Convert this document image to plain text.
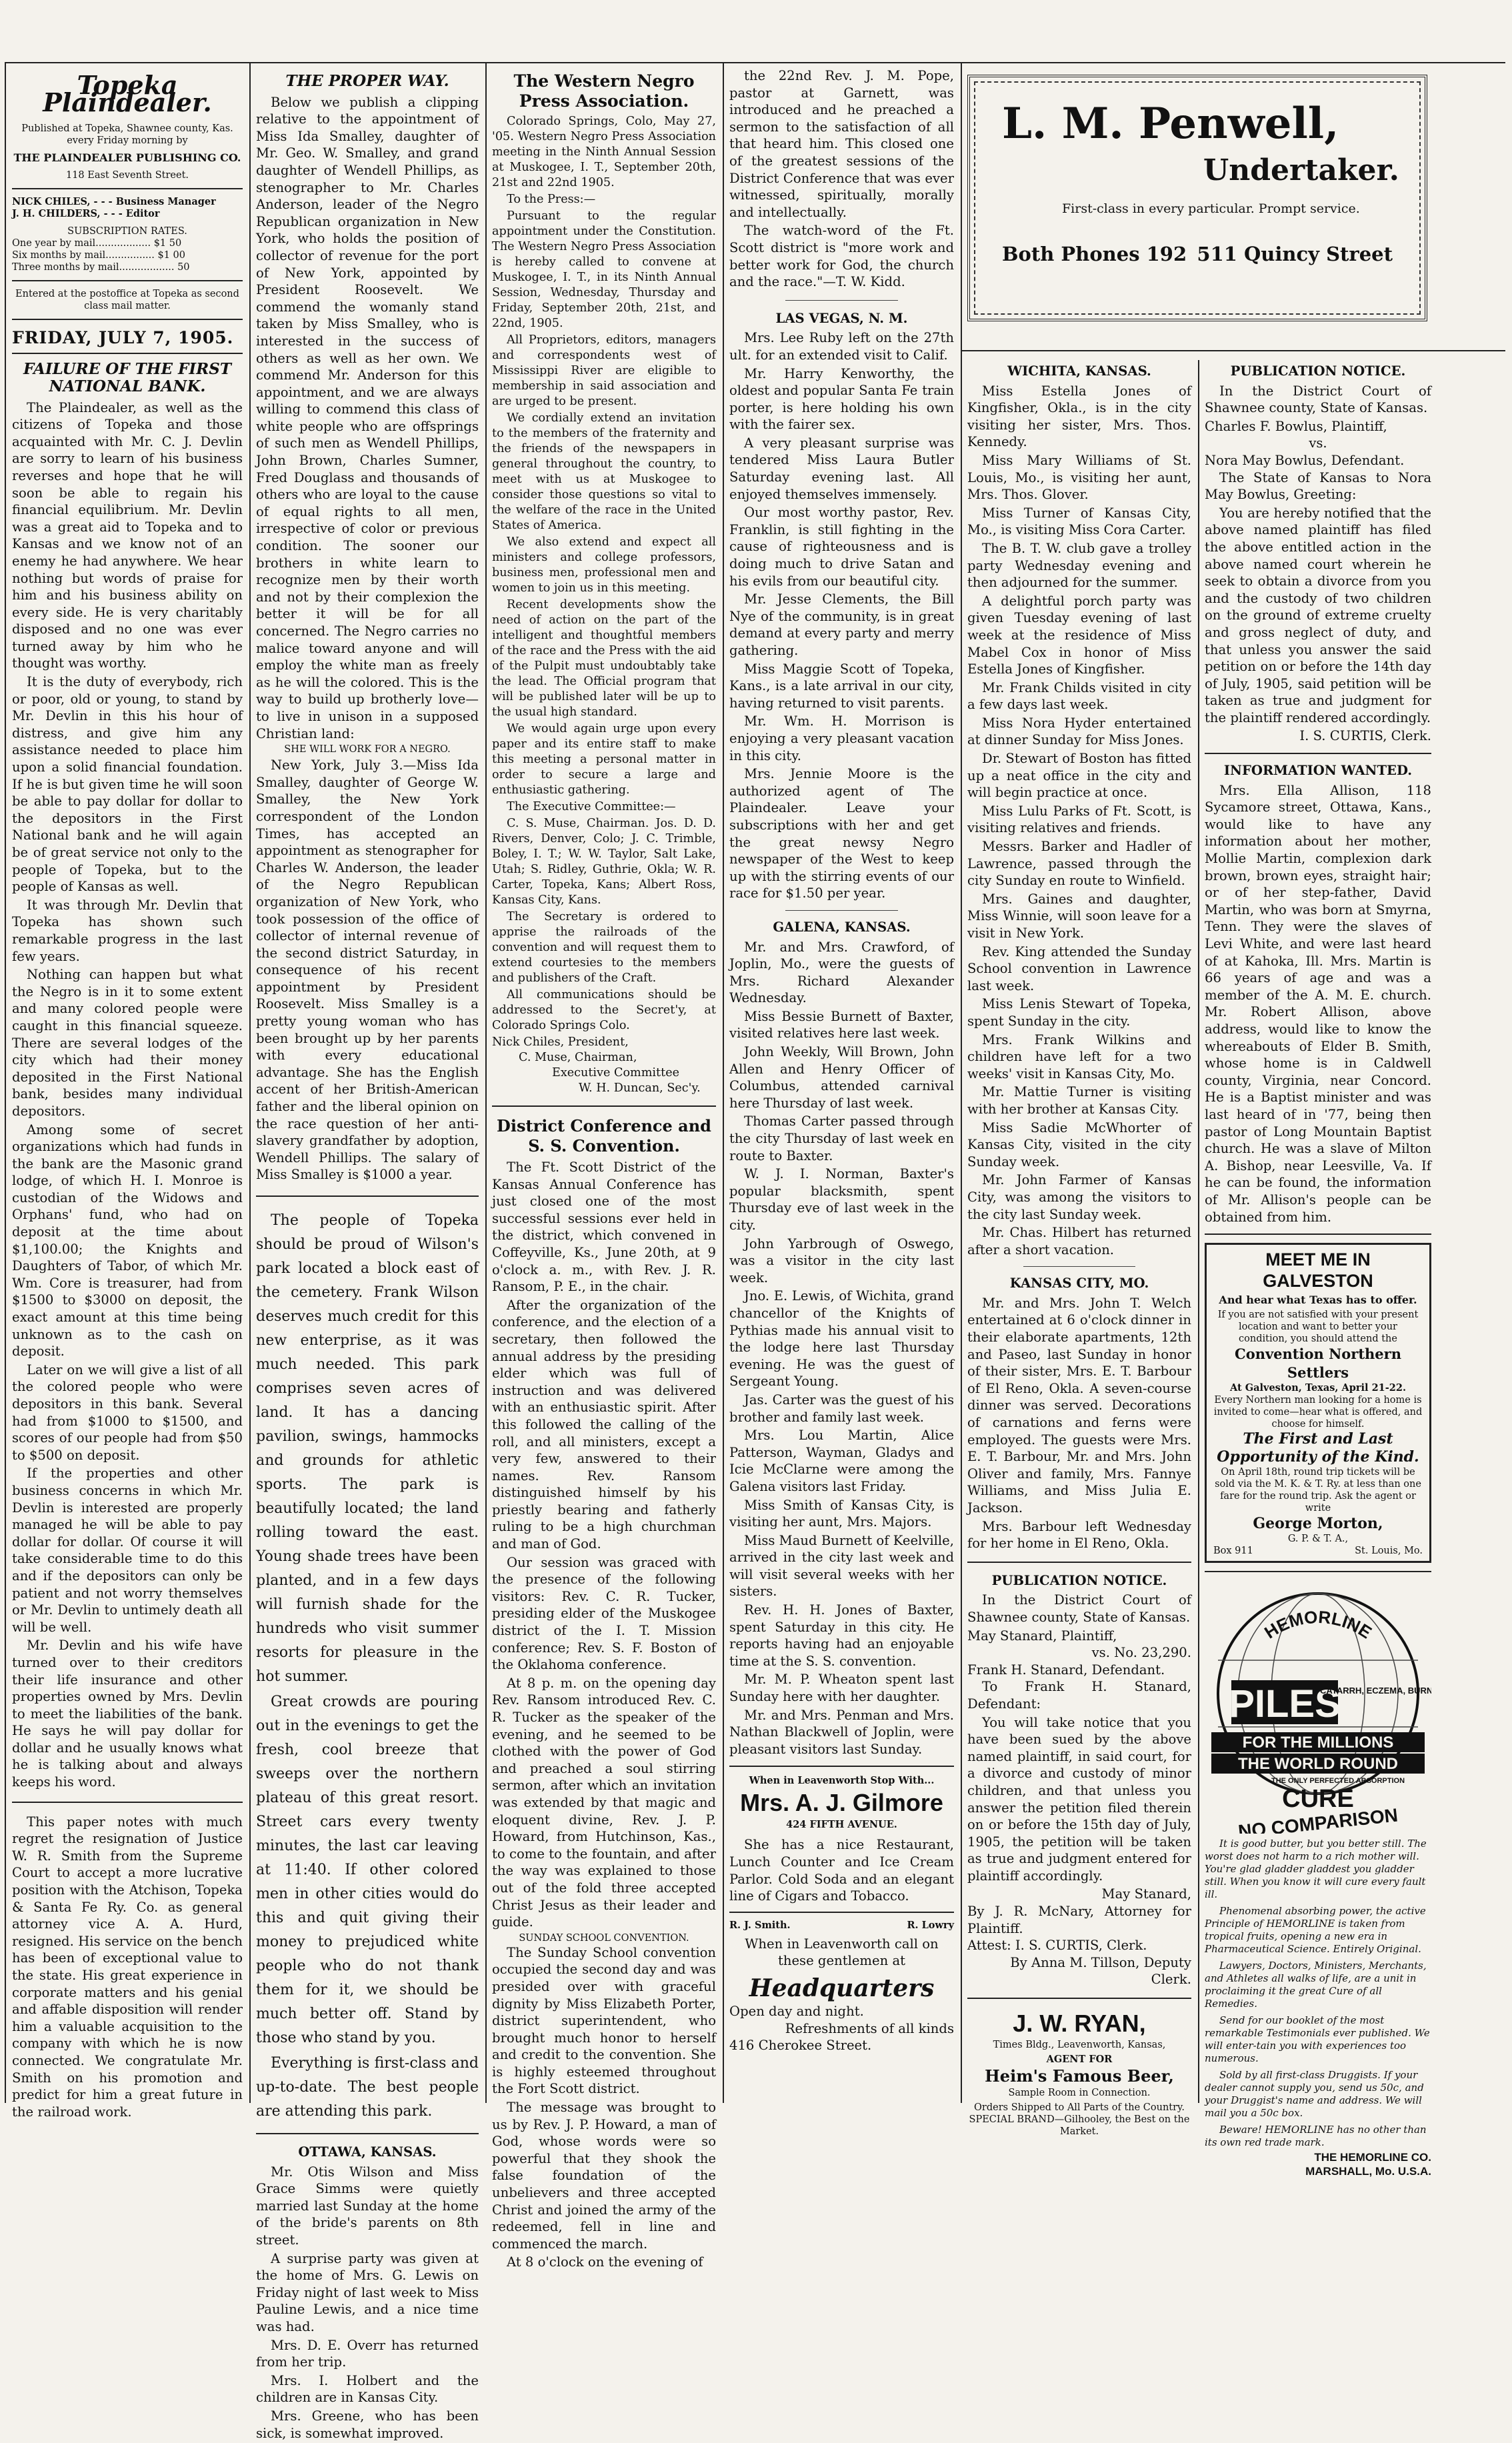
Topeka Plaindealer.
Published at Topeka, Shawnee county, Kas. every Friday morning by
THE PLAINDEALER PUBLISHING CO.
118 East Seventh Street.
NICK CHILES, - - - Business Manager
J. H. CHILDERS, - - - Editor
SUBSCRIPTION RATES.
One year by mail.................. $1 50
Six months by mail................ $1 00
Three months by mail.................. 50
Entered at the postoffice at Topeka as second class mail matter.
FRIDAY, JULY 7, 1905.
FAILURE OF THE FIRST NATIONAL BANK.

The Plaindealer, as well as the citizens of Topeka and those acquainted with Mr. C. J. Devlin are sorry to learn of his business reverses and hope that he will soon be able to regain his financial equilibrium. Mr. Devlin was a great aid to Topeka and to Kansas and we know not of an enemy he had anywhere. We hear nothing but words of praise for him and his business ability on every side. He is very charitably disposed and no one was ever turned away by him who he thought was worthy.

It is the duty of everybody, rich or poor, old or young, to stand by Mr. Devlin in this his hour of distress, and give him any assistance needed to place him upon a solid financial foundation. If he is but given time he will soon be able to pay dollar for dollar to the depositors in the First National bank and he will again be of great service not only to the people of Topeka, but to the people of Kansas as well.

It was through Mr. Devlin that Topeka has shown such remarkable progress in the last few years.

Nothing can happen but what the Negro is in it to some extent and many colored people were caught in this financial squeeze. There are several lodges of the city which had their money deposited in the First National bank, besides many individual depositors.

Among some of secret organizations which had funds in the bank are the Masonic grand lodge, of which H. I. Monroe is custodian of the Widows and Orphans' fund, who had on deposit at the time about $1,100.00; the Knights and Daughters of Tabor, of which Mr. Wm. Core is treasurer, had from $1500 to $3000 on deposit, the exact amount at this time being unknown as to the cash on deposit.

Later on we will give a list of all the colored people who were depositors in this bank. Several had from $1000 to $1500, and scores of our people had from $50 to $500 on deposit.

If the properties and other business concerns in which Mr. Devlin is interested are properly managed he will be able to pay dollar for dollar. Of course it will take considerable time to do this and if the depositors can only be patient and not worry themselves or Mr. Devlin to untimely death all will be well.

Mr. Devlin and his wife have turned over to their creditors their life insurance and other properties owned by Mrs. Devlin to meet the liabilities of the bank. He says he will pay dollar for dollar and he usually knows what he is talking about and always keeps his word.

This paper notes with much regret the resignation of Justice W. R. Smith from the Supreme Court to accept a more lucrative position with the Atchison, Topeka & Santa Fe Ry. Co. as general attorney vice A. A. Hurd, resigned. His service on the bench has been of exceptional value to the state. His great experience in corporate matters and his genial and affable disposition will render him a valuable acquisition to the company with which he is now connected. We congratulate Mr. Smith on his promotion and predict for him a great future in the railroad work.

THE PROPER WAY.

Below we publish a clipping relative to the appointment of Miss Ida Smalley, daughter of Mr. Geo. W. Smalley, and grand daughter of Wendell Phillips, as stenographer to Mr. Charles Anderson, leader of the Negro Republican organization in New York, who holds the position of collector of revenue for the port of New York, appointed by President Roosevelt. We commend the womanly stand taken by Miss Smalley, who is interested in the success of others as well as her own. We commend Mr. Anderson for this appointment, and we are always willing to commend this class of white people who are offsprings of such men as Wendell Phillips, John Brown, Charles Sumner, Fred Douglass and thousands of others who are loyal to the cause of equal rights to all men, irrespective of color or previous condition. The sooner our brothers in white learn to recognize men by their worth and not by their complexion the better it will be for all concerned. The Negro carries no malice toward anyone and will employ the white man as freely as he will the colored. This is the way to build up brotherly love—to live in unison in a supposed Christian land:

SHE WILL WORK FOR A NEGRO.

New York, July 3.—Miss Ida Smalley, daughter of George W. Smalley, the New York correspondent of the London Times, has accepted an appointment as stenographer for Charles W. Anderson, the leader of the Negro Republican organization of New York, who took possession of the office of collector of internal revenue of the second district Saturday, in consequence of his recent appointment by President Roosevelt. Miss Smalley is a pretty young woman who has been brought up by her parents with every educational advantage. She has the English accent of her British-American father and the liberal opinion on the race question of her anti-slavery grandfather by adoption, Wendell Phillips. The salary of Miss Smalley is $1000 a year.

The people of Topeka should be proud of Wilson's park located a block east of the cemetery. Frank Wilson deserves much credit for this new enterprise, as it was much needed. This park comprises seven acres of land. It has a dancing pavilion, swings, hammocks and grounds for athletic sports. The park is beautifully located; the land rolling toward the east. Young shade trees have been planted, and in a few days will furnish shade for the hundreds who visit summer resorts for pleasure in the hot summer.

Great crowds are pouring out in the evenings to get the fresh, cool breeze that sweeps over the northern plateau of this great resort. Street cars every twenty minutes, the last car leaving at 11:40. If other colored men in other cities would do this and quit giving their money to prejudiced white people who do not thank them for it, we should be much better off. Stand by those who stand by you.

Everything is first-class and up-to-date. The best people are attending this park.

OTTAWA, KANSAS.

Mr. Otis Wilson and Miss Grace Simms were quietly married last Sunday at the home of the bride's parents on 8th street.

A surprise party was given at the home of Mrs. G. Lewis on Friday night of last week to Miss Pauline Lewis, and a nice time was had.

Mrs. D. E. Overr has returned from her trip.

Mrs. I. Holbert and the children are in Kansas City.

Mrs. Greene, who has been sick, is somewhat improved.

The Western Negro Press Association.

Colorado Springs, Colo, May 27, '05. Western Negro Press Association meeting in the Ninth Annual Session at Muskogee, I. T., September 20th, 21st and 22nd 1905.

To the Press:—

Pursuant to the regular appointment under the Constitution. The Western Negro Press Association is hereby called to convene at Muskogee, I. T., in its Ninth Annual Session, Wednesday, Thursday and Friday, September 20th, 21st, and 22nd, 1905.

All Proprietors, editors, managers and correspondents west of Mississippi River are eligible to membership in said association and are urged to be present.

We cordially extend an invitation to the members of the fraternity and the friends of the newspapers in general throughout the country, to meet with us at Muskogee to consider those questions so vital to the welfare of the race in the United States of America.

We also extend and expect all ministers and college professors, business men, professional men and women to join us in this meeting.

Recent developments show the need of action on the part of the intelligent and thoughtful members of the race and the Press with the aid of the Pulpit must undoubtably take the lead. The Official program that will be published later will be up to the usual high standard.

We would again urge upon every paper and its entire staff to make this meeting a personal matter in order to secure a large and enthusiastic gathering.

The Executive Committee:—

C. S. Muse, Chairman. Jos. D. D. Rivers, Denver, Colo; J. C. Trimble, Boley, I. T.; W. W. Taylor, Salt Lake, Utah; S. Ridley, Guthrie, Okla; W. R. Carter, Topeka, Kans; Albert Ross, Kansas City, Kans.

The Secretary is ordered to apprise the railroads of the convention and will request them to extend courtesies to the members and publishers of the Craft.

All communications should be addressed to the Secret'y, at Colorado Springs Colo.

Nick Chiles, President,
C. Muse, Chairman,
Executive Committee
W. H. Duncan, Sec'y.
District Conference and S. S. Convention.

The Ft. Scott District of the Kansas Annual Conference has just closed one of the most successful sessions ever held in the district, which convened in Coffeyville, Ks., June 20th, at 9 o'clock a. m., with Rev. J. R. Ransom, P. E., in the chair.

After the organization of the conference, and the election of a secretary, then followed the annual address by the presiding elder which was full of instruction and was delivered with an enthusiastic spirit. After this followed the calling of the roll, and all ministers, except a very few, answered to their names. Rev. Ransom distinguished himself by his priestly bearing and fatherly ruling to be a high churchman and man of God.

Our session was graced with the presence of the following visitors: Rev. C. R. Tucker, presiding elder of the Muskogee district of the I. T. Mission conference; Rev. S. F. Boston of the Oklahoma conference.

At 8 p. m. on the opening day Rev. Ransom introduced Rev. C. R. Tucker as the speaker of the evening, and he seemed to be clothed with the power of God and preached a soul stirring sermon, after which an invitation was extended by that magic and eloquent divine, Rev. J. P. Howard, from Hutchinson, Kas., to come to the fountain, and after the way was explained to those out of the fold three accepted Christ Jesus as their leader and guide.

SUNDAY SCHOOL CONVENTION.

The Sunday School convention occupied the second day and was presided over with graceful dignity by Miss Elizabeth Porter, district superintendent, who brought much honor to herself and credit to the convention. She is highly esteemed throughout the Fort Scott district.

The message was brought to us by Rev. J. P. Howard, a man of God, whose words were so powerful that they shook the false foundation of the unbelievers and three accepted Christ and joined the army of the redeemed, fell in line and commenced the march.

At 8 o'clock on the evening of

the 22nd Rev. J. M. Pope, pastor at Garnett, was introduced and he preached a sermon to the satisfaction of all that heard him. This closed one of the greatest sessions of the District Conference that was ever witnessed, spiritually, morally and intellectually.

The watch-word of the Ft. Scott district is "more work and better work for God, the church and the race."—T. W. Kidd.

LAS VEGAS, N. M.

Mrs. Lee Ruby left on the 27th ult. for an extended visit to Calif.

Mr. Harry Kenworthy, the oldest and popular Santa Fe train porter, is here holding his own with the fairer sex.

A very pleasant surprise was tendered Miss Laura Butler Saturday evening last. All enjoyed themselves immensely.

Our most worthy pastor, Rev. Franklin, is still fighting in the cause of righteousness and is doing much to drive Satan and his evils from our beautiful city.

Mr. Jesse Clements, the Bill Nye of the community, is in great demand at every party and merry gathering.

Miss Maggie Scott of Topeka, Kans., is a late arrival in our city, having returned to visit parents.

Mr. Wm. H. Morrison is enjoying a very pleasant vacation in this city.

Mrs. Jennie Moore is the authorized agent of The Plaindealer. Leave your subscriptions with her and get the great newsy Negro newspaper of the West to keep up with the stirring events of our race for $1.50 per year.

GALENA, KANSAS.

Mr. and Mrs. Crawford, of Joplin, Mo., were the guests of Mrs. Richard Alexander Wednesday.

Miss Bessie Burnett of Baxter, visited relatives here last week.

John Weekly, Will Brown, John Allen and Henry Officer of Columbus, attended carnival here Thursday of last week.

Thomas Carter passed through the city Thursday of last week en route to Baxter.

W. J. I. Norman, Baxter's popular blacksmith, spent Thursday eve of last week in the city.

John Yarbrough of Oswego, was a visitor in the city last week.

Jno. E. Lewis, of Wichita, grand chancellor of the Knights of Pythias made his annual visit to the lodge here last Thursday evening. He was the guest of Sergeant Young.

Jas. Carter was the guest of his brother and family last week.

Mrs. Lou Martin, Alice Patterson, Wayman, Gladys and Icie McClarne were among the Galena visitors last Friday.

Miss Smith of Kansas City, is visiting her aunt, Mrs. Majors.

Miss Maud Burnett of Keelville, arrived in the city last week and will visit several weeks with her sisters.

Rev. H. H. Jones of Baxter, spent Saturday in this city. He reports having had an enjoyable time at the S. S. convention.

Mr. M. P. Wheaton spent last Sunday here with her daughter.

Mr. and Mrs. Penman and Mrs. Nathan Blackwell of Joplin, were pleasant visitors last Sunday.

When in Leavenworth Stop With...
Mrs. A. J. Gilmore
424 FIFTH AVENUE.

She has a nice Restaurant, Lunch Counter and Ice Cream Parlor. Cold Soda and an elegant line of Cigars and Tobacco.

R. J. Smith.	R. Lowry
When in Leavenworth call on these gentlemen at
Headquarters
Open day and night.
Refreshments of all kinds
416 Cherokee Street.
L. M. Penwell,
Undertaker.
First-class in every particular. Prompt service.
Both Phones 192 511 Quincy Street
WICHITA, KANSAS.

Miss Estella Jones of Kingfisher, Okla., is in the city visiting her sister, Mrs. Thos. Kennedy.

Miss Mary Williams of St. Louis, Mo., is visiting her aunt, Mrs. Thos. Glover.

Miss Turner of Kansas City, Mo., is visiting Miss Cora Carter.

The B. T. W. club gave a trolley party Wednesday evening and then adjourned for the summer.

A delightful porch party was given Tuesday evening of last week at the residence of Miss Mabel Cox in honor of Miss Estella Jones of Kingfisher.

Mr. Frank Childs visited in city a few days last week.

Miss Nora Hyder entertained at dinner Sunday for Miss Jones.

Dr. Stewart of Boston has fitted up a neat office in the city and will begin practice at once.

Miss Lulu Parks of Ft. Scott, is visiting relatives and friends.

Messrs. Barker and Hadler of Lawrence, passed through the city Sunday en route to Winfield.

Mrs. Gaines and daughter, Miss Winnie, will soon leave for a visit in New York.

Rev. King attended the Sunday School convention in Lawrence last week.

Miss Lenis Stewart of Topeka, spent Sunday in the city.

Mrs. Frank Wilkins and children have left for a two weeks' visit in Kansas City, Mo.

Mr. Mattie Turner is visiting with her brother at Kansas City.

Miss Sadie McWhorter of Kansas City, visited in the city Sunday week.

Mr. John Farmer of Kansas City, was among the visitors to the city last Sunday week.

Mr. Chas. Hilbert has returned after a short vacation.

KANSAS CITY, MO.

Mr. and Mrs. John T. Welch entertained at 6 o'clock dinner in their elaborate apartments, 12th and Paseo, last Sunday in honor of their sister, Mrs. E. T. Barbour of El Reno, Okla. A seven-course dinner was served. Decorations of carnations and ferns were employed. The guests were Mrs. E. T. Barbour, Mr. and Mrs. John Oliver and family, Mrs. Fannye Williams, and Miss Julia E. Jackson.

Mrs. Barbour left Wednesday for her home in El Reno, Okla.

PUBLICATION NOTICE.

In the District Court of Shawnee county, State of Kansas.

May Stanard, Plaintiff,
vs. No. 23,290.
Frank H. Stanard, Defendant.

To Frank H. Stanard, Defendant:

You will take notice that you have been sued by the above named plaintiff, in said court, for a divorce and custody of minor children, and that unless you answer the petition filed therein on or before the 15th day of July, 1905, the petition will be taken as true and judgment entered for plaintiff accordingly.

May Stanard,
By J. R. McNary, Attorney for Plaintiff.
Attest: I. S. CURTIS, Clerk.
By Anna M. Tillson, Deputy Clerk.
J. W. RYAN,
Times Bldg., Leavenworth, Kansas,
AGENT FOR
Heim's Famous Beer,
Sample Room in Connection.
Orders Shipped to All Parts of the Country. SPECIAL BRAND—Gilhooley, the Best on the Market.
PUBLICATION NOTICE.

In the District Court of Shawnee county, State of Kansas.

Charles F. Bowlus, Plaintiff,
vs.
Nora May Bowlus, Defendant.

The State of Kansas to Nora May Bowlus, Greeting:

You are hereby notified that the above named plaintiff has filed the above entitled action in the above named court wherein he seek to obtain a divorce from you and the custody of two children on the ground of extreme cruelty and gross neglect of duty, and that unless you answer the said petition on or before the 14th day of July, 1905, said petition will be taken as true and judgment for the plaintiff rendered accordingly.

I. S. CURTIS, Clerk.
INFORMATION WANTED.

Mrs. Ella Allison, 118 Sycamore street, Ottawa, Kans., would like to have any information about her mother, Mollie Martin, complexion dark brown, brown eyes, straight hair; or of her step-father, David Martin, who was born at Smyrna, Tenn. They were the slaves of Levi White, and were last heard of at Kahoka, Ill. Mrs. Martin is 66 years of age and was a member of the A. M. E. church. Mr. Robert Allison, above address, would like to know the whereabouts of Elder B. Smith, whose home is in Caldwell county, Virginia, near Concord. He is a Baptist minister and was last heard of in '77, being then pastor of Long Mountain Baptist church. He was a slave of Milton A. Bishop, near Leesville, Va. If he can be found, the information of Mr. Allison's people can be obtained from him.

MEET ME IN GALVESTON
And hear what Texas has to offer.
If you are not satisfied with your present location and want to better your condition, you should attend the
Convention Northern Settlers
At Galveston, Texas, April 21-22.
Every Northern man looking for a home is invited to come—hear what is offered, and choose for himself.
The First and Last Opportunity of the Kind.
On April 18th, round trip tickets will be sold via the M. K. & T. Ry. at less than one fare for the round trip. Ask the agent or write
George Morton,
G. P. & T. A.,
Box 911	St. Louis, Mo.
HEMORLINE
PILES
CATARRH, ECZEMA, BURNS
FOR THE MILLIONS
THE WORLD ROUND
THE ONLY PERFECTED ABSORPTION
CURE
NO COMPARISON

It is good butter, but you better still. The worst does not harm to a rich mother will. You're glad gladder gladdest you gladder still. When you know it will cure every fault ill.

Phenomenal absorbing power, the active Principle of HEMORLINE is taken from tropical fruits, opening a new era in Pharmaceutical Science. Entirely Original.

Lawyers, Doctors, Ministers, Merchants, and Athletes all walks of life, are a unit in proclaiming it the great Cure of all Remedies.

Send for our booklet of the most remarkable Testimonials ever published. We will enter-tain you with experiences too numerous.

Sold by all first-class Druggists. If your dealer cannot supply you, send us 50c, and your Druggist's name and address. We will mail you a 50c box.

Beware! HEMORLINE has no other than its own red trade mark.

THE HEMORLINE CO.
MARSHALL, Mo. U.S.A.
